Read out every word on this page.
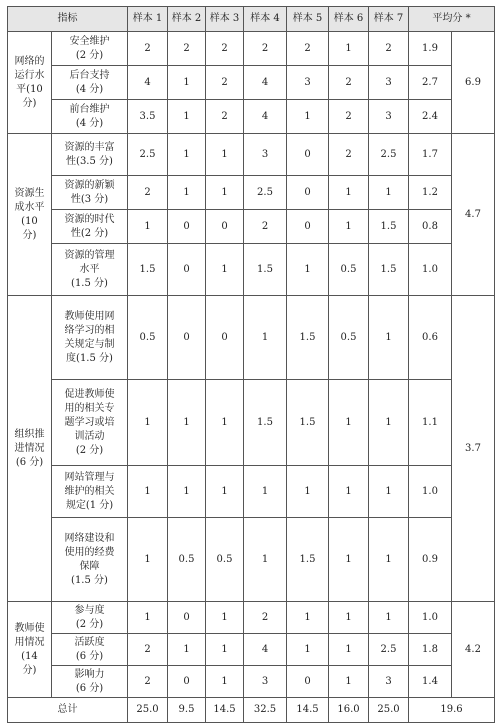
指标		样本 1	样本 2	样本 3	样本 4	样本 5	样本 6	样本 7	平均分 *	
网络的
运行水
平(10
分)	安全维护
(2 分)	2	2	2	2	2	1	2	1.9	6.9
	后台支持
(4 分)	4	1	2	4	3	2	3	2.7	
	前台维护
(4 分)	3.5	1	2	4	1	2	3	2.4	
资源生
成水平
(10
分)	资源的丰富
性(3.5 分)	2.5	1	1	3	0	2	2.5	1.7	4.7
	资源的新颖
性(3 分)	2	1	1	2.5	0	1	1	1.2	
	资源的时代
性(2 分)	1	0	0	2	0	1	1.5	0.8	
	资源的管理
水平
(1.5 分)	1.5	0	1	1.5	1	0.5	1.5	1.0	
组织推
进情况
(6 分)	教师使用网
络学习的相
关规定与制
度(1.5 分)	0.5	0	0	1	1.5	0.5	1	0.6	3.7
	促进教师使
用的相关专
题学习或培
训活动
(2 分)	1	1	1	1.5	1.5	1	1	1.1	
	网站管理与
维护的相关
规定(1 分)	1	1	1	1	1	1	1	1.0	
	网络建设和
使用的经费
保障
(1.5 分)	1	0.5	0.5	1	1.5	1	1	0.9	
教师使
用情况
(14
分)	参与度
(2 分)	1	0	1	2	1	1	1	1.0	4.2
	活跃度
(6 分)	2	1	1	4	1	1	2.5	1.8	
	影响力
(6 分)	2	0	1	3	0	1	3	1.4	
总计		25.0	9.5	14.5	32.5	14.5	16.0	25.0	19.6	
